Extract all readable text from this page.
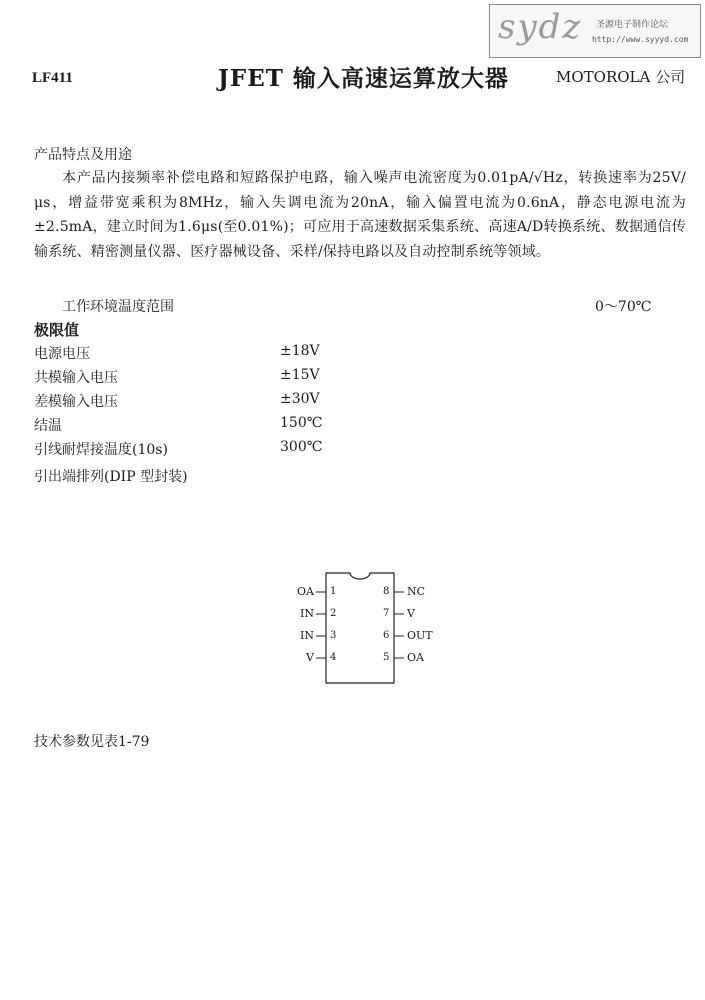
sydz 圣源电子制作论坛
http://www.syyyd.com
LF411	JFET 输入高速运算放大器	MOTOROLA 公司
产品特点及用途
本产品内接频率补偿电路和短路保护电路，输入噪声电流密度为0.01pA/√Hz，转换速率为25V/μs，增益带宽乘积为8MHz，输入失调电流为20nA，输入偏置电流为0.6nA，静态电源电流为±2.5mA，建立时间为1.6μs(至0.01%)；可应用于高速数据采集系统、高速A/D转换系统、数据通信传输系统、精密测量仪器、医疗器械设备、采样/保持电路以及自动控制系统等领域。
工作环境温度范围	0～70℃
极限值
电源电压	±18V
共模输入电压	±15V
差模输入电压	±30V
结温	150℃
引线耐焊接温度(10s)	300℃
引出端排列(DIP 型封装)
OA 1
IN 2
IN 3
V 4
8 NC
7 V
6 OUT
5 OA
技术参数见表1-79
